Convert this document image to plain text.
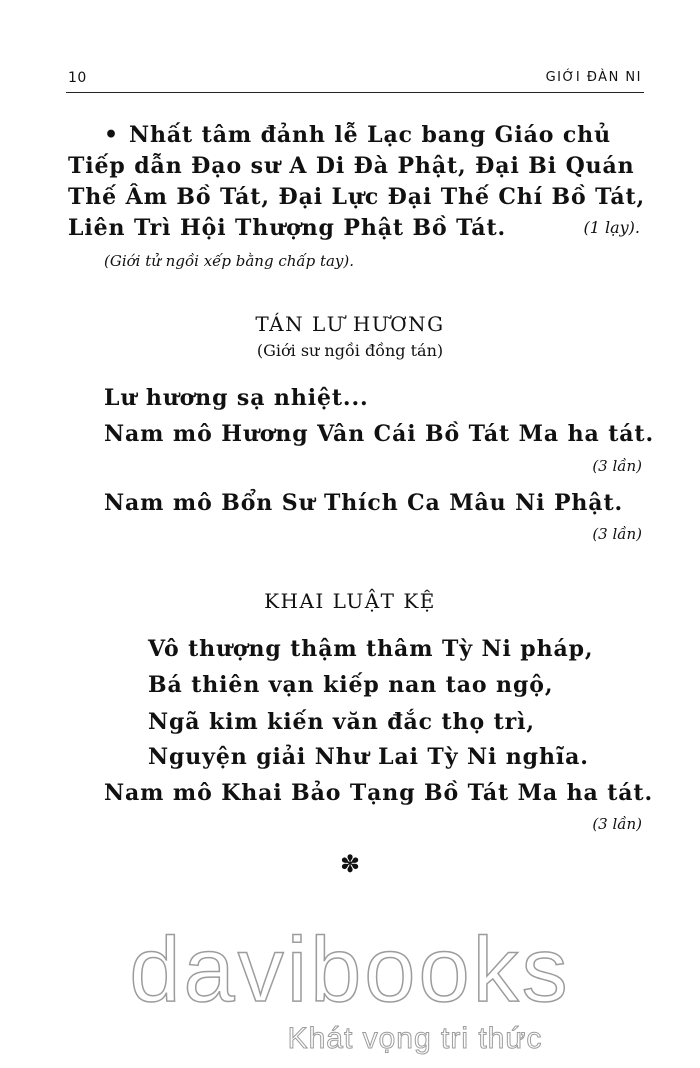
10	GIỚI ĐÀN NI
• Nhất tâm đảnh lễ Lạc bang Giáo chủ
Tiếp dẫn Đạo sư A Di Đà Phật, Đại Bi Quán
Thế Âm Bồ Tát, Đại Lực Đại Thế Chí Bồ Tát,
Liên Trì Hội Thượng Phật Bồ Tát.	(1 lạy).
(Giới tử ngồi xếp bằng chấp tay).
TÁN LƯ HƯƠNG
(Giới sư ngồi đồng tán)
Lư hương sạ nhiệt...
Nam mô Hương Vân Cái Bồ Tát Ma ha tát.
(3 lần)
Nam mô Bổn Sư Thích Ca Mâu Ni Phật.
(3 lần)
KHAI LUẬT KỆ
Vô thượng thậm thâm Tỳ Ni pháp,
Bá thiên vạn kiếp nan tao ngộ,
Ngã kim kiến văn đắc thọ trì,
Nguyện giải Như Lai Tỳ Ni nghĩa.
Nam mô Khai Bảo Tạng Bồ Tát Ma ha tát.
(3 lần)
✽
davibooks
Khát vọng tri thức
